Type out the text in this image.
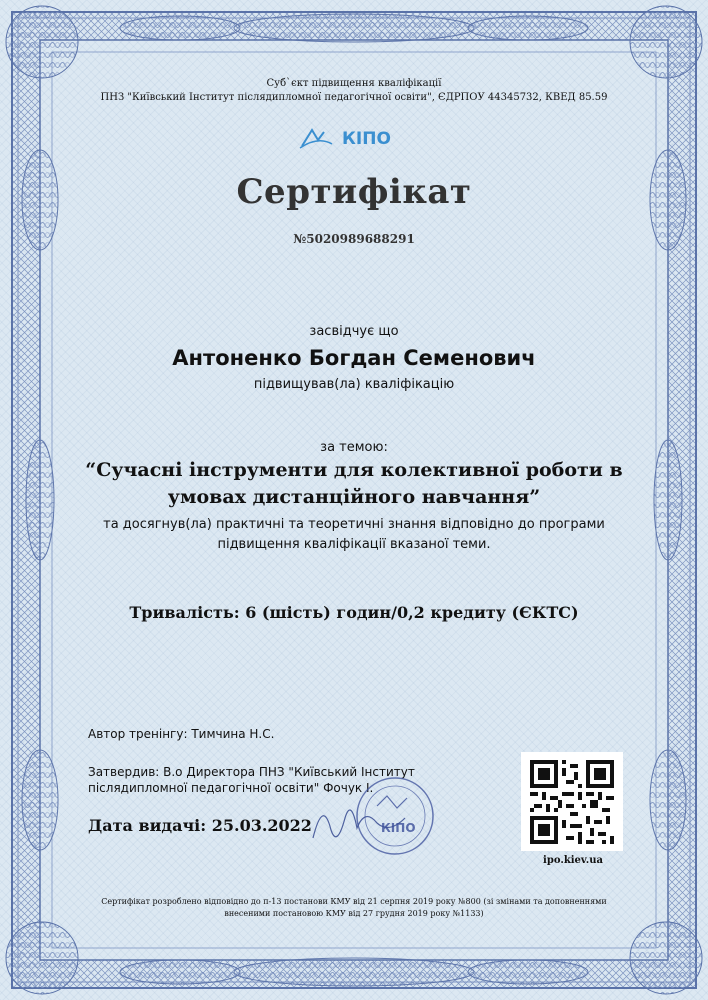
Суб`єкт підвищення кваліфікації
ПНЗ "Київський Інститут післядипломної педагогічної освіти", ЄДРПОУ 44345732, КВЕД 85.59
КІПО
Сертифікат
№5020989688291
засвідчує що
Антоненко Богдан Семенович
підвищував(ла) кваліфікацію
за темою:
“Сучасні інструменти для колективної роботи в
умовах дистанційного навчання”
та досягнув(ла) практичні та теоретичні знання відповідно до програми
підвищення кваліфікації вказаної теми.
Тривалість: 6 (шість) годин/0,2 кредиту (ЄКТС)
Автор тренінгу: Тимчина Н.С.
Затвердив: В.о Директора ПНЗ "Київський Інститут
післядипломної педагогічної освіти" Фочук І.
Дата видачі: 25.03.2022	КІПО
ipo.kiev.ua
Сертифікат розроблено відповідно до п-13 постанови КМУ від 21 серпня 2019 року №800 (зі змінами та доповненнями
внесеними постановою КМУ від 27 грудня 2019 року №1133)
